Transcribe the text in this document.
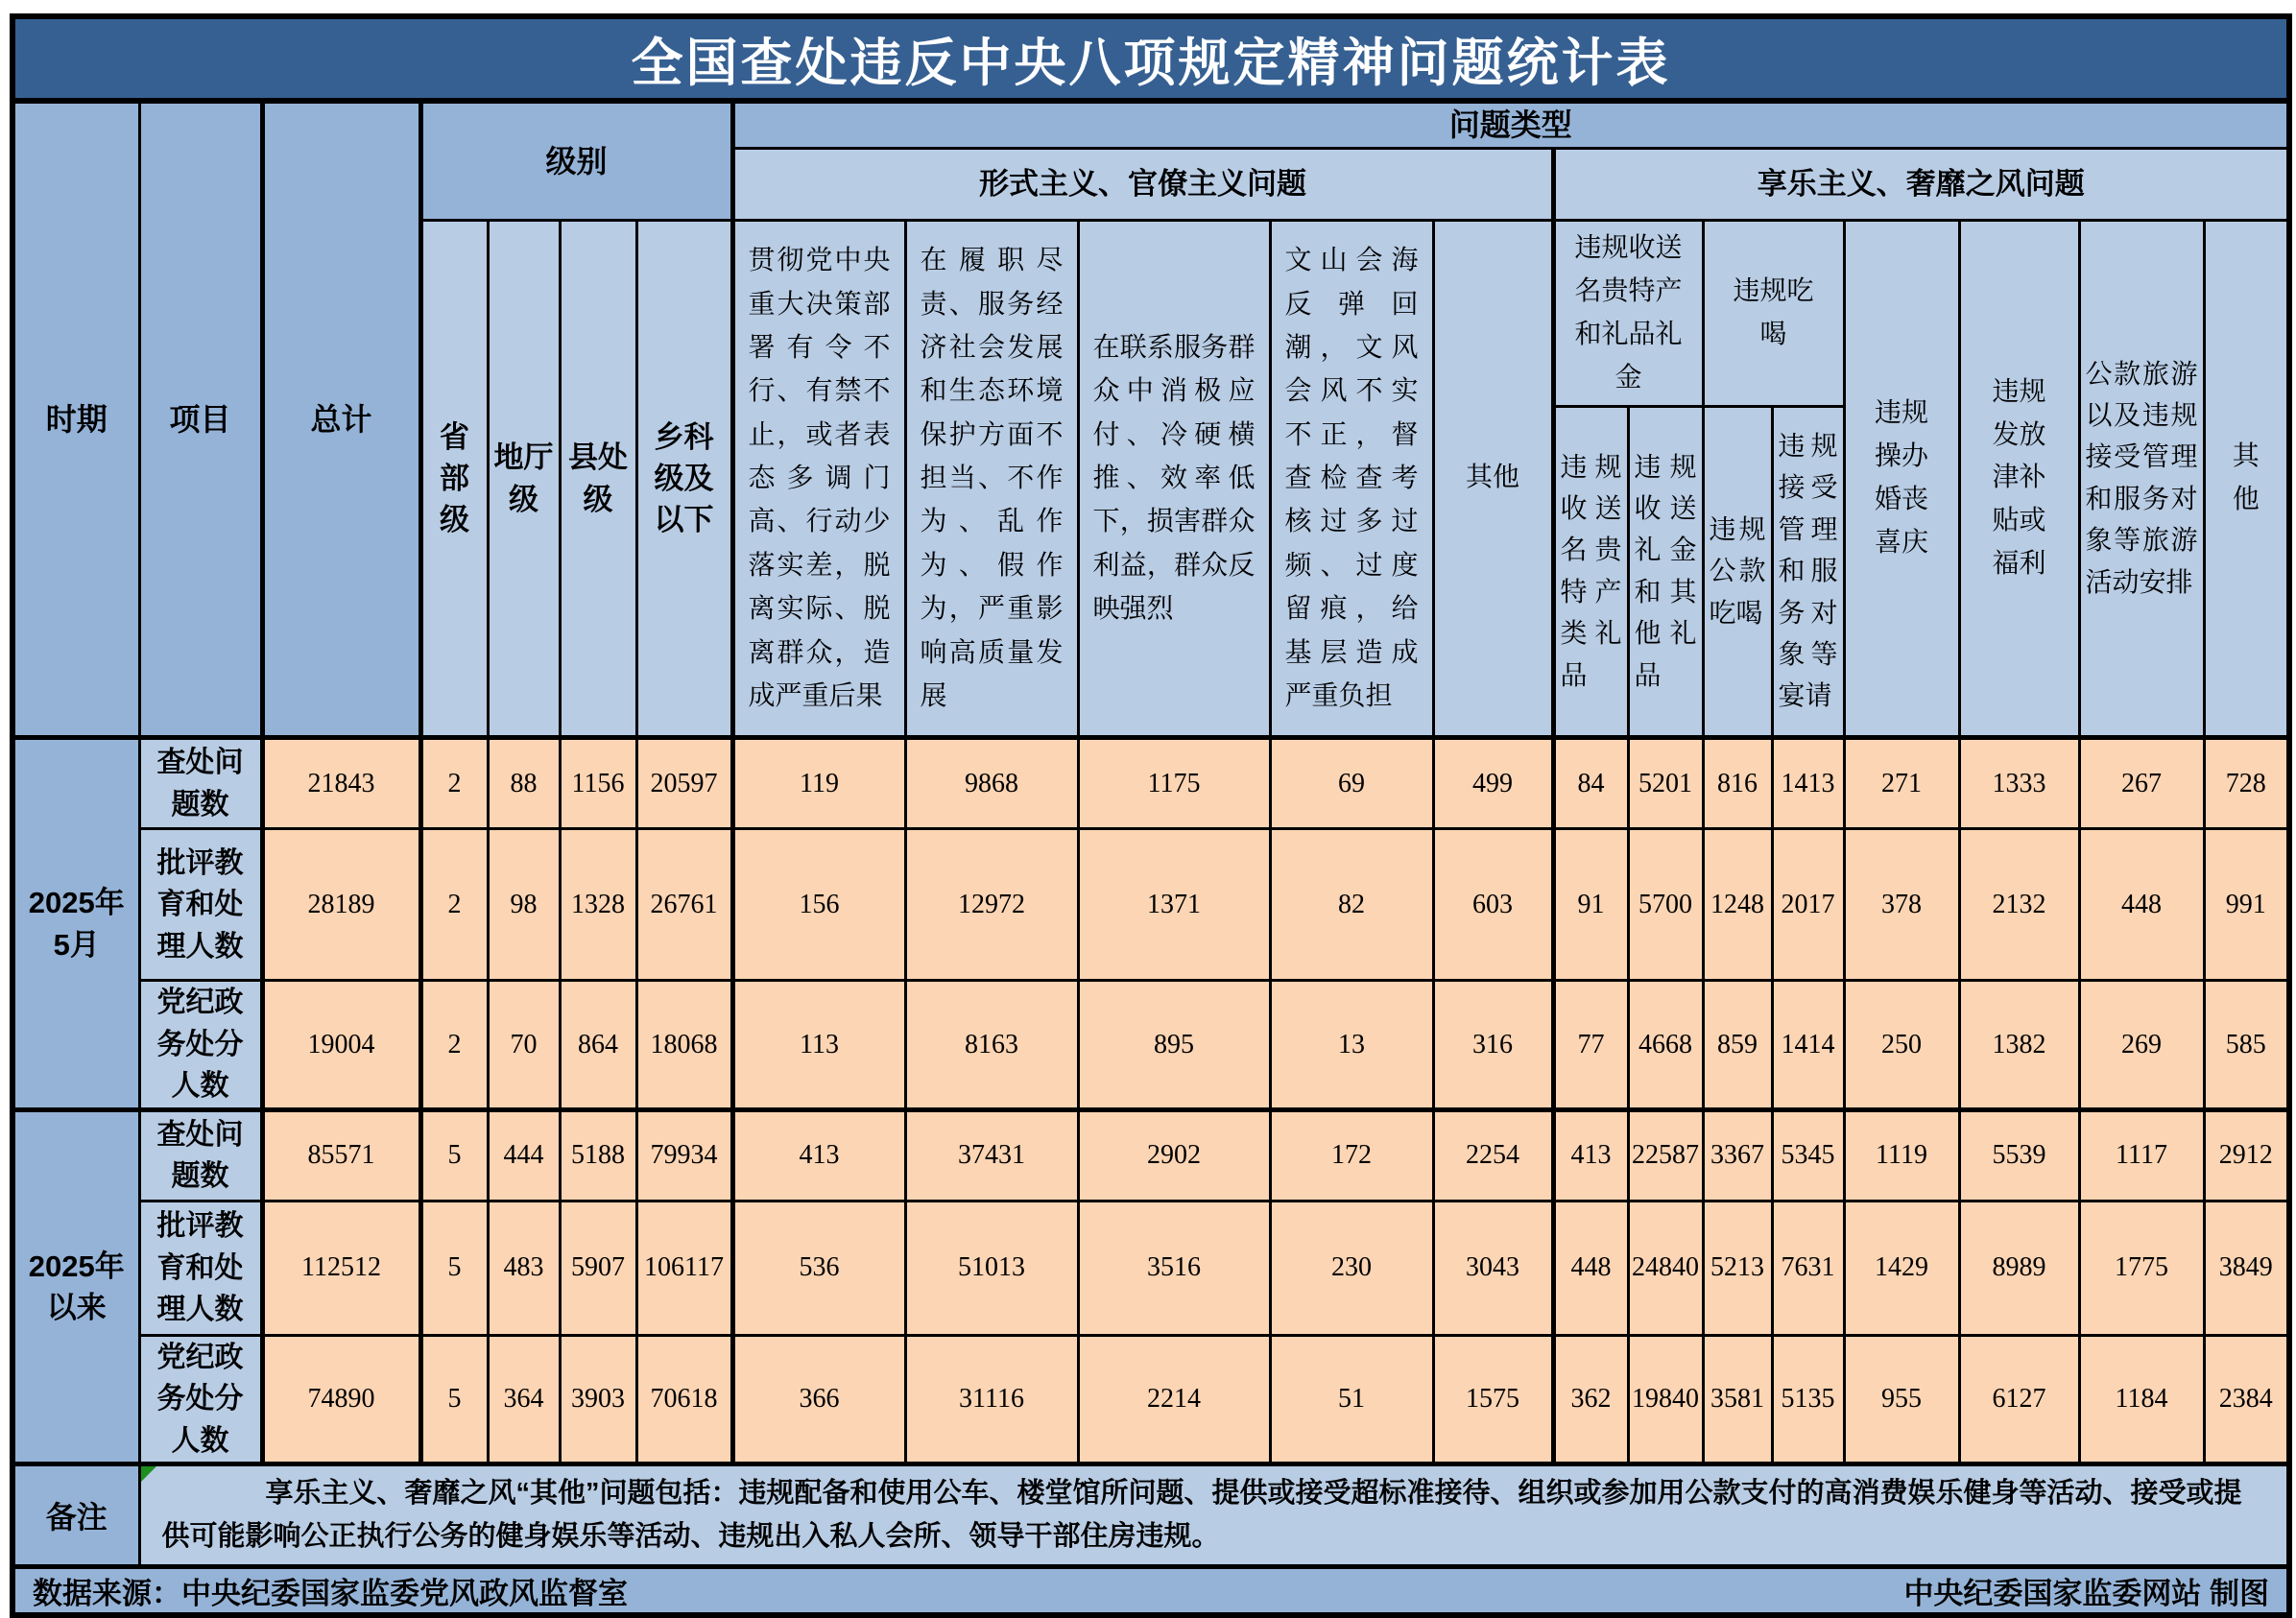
全国查处违反中央八项规定精神问题统计表																			
时期	项目	总计	级别				问题类型												
							形式主义、官僚主义问题					享乐主义、奢靡之风问题							
			省部级	地厅级	县处级	乡科级及以下	贯彻党中央重大决策部署有令不行、有禁不止，或者表态多调门高、行动少落实差，脱离实际、脱离群众，造成严重后果	在履职尽责、服务经济社会发展和生态环境保护方面不担当、不作为、乱作为、假作为，严重影响高质量发展	在联系服务群众中消极应付、冷硬横推、效率低下，损害群众利益，群众反映强烈	文山会海反弹回潮，文风会风不实不正，督查检查考核过多过频、过度留痕，给基层造成严重负担	其他	违规收送名贵特产和礼品礼金		违规吃喝		违规操办婚丧喜庆	违规发放津补贴或福利	公款旅游以及违规接受管理和服务对象等旅游活动安排	其他
												违规收送名贵特产类礼品	违规收送礼金和其他礼品	违规公款吃喝	违规接受管理和服务对象等宴请				
2025年5月	查处问题数	21843	2	88	1156	20597	119	9868	1175	69	499	84	5201	816	1413	271	1333	267	728
	批评教育和处理人数	28189	2	98	1328	26761	156	12972	1371	82	603	91	5700	1248	2017	378	2132	448	991
	党纪政务处分人数	19004	2	70	864	18068	113	8163	895	13	316	77	4668	859	1414	250	1382	269	585
2025年以来	查处问题数	85571	5	444	5188	79934	413	37431	2902	172	2254	413	22587	3367	5345	1119	5539	1117	2912
	批评教育和处理人数	112512	5	483	5907	106117	536	51013	3516	230	3043	448	24840	5213	7631	1429	8989	1775	3849
	党纪政务处分人数	74890	5	364	3903	70618	366	31116	2214	51	1575	362	19840	3581	5135	955	6127	1184	2384
备注	享乐主义、奢靡之风“其他”问题包括：违规配备和使用公车、楼堂馆所问题、提供或接受超标准接待、组织或参加用公款支付的高消费娱乐健身等活动、接受或提供可能影响公正执行公务的健身娱乐等活动、违规出入私人会所、领导干部住房违规。																		

数据来源：中央纪委国家监委党风政风监督室 中央纪委国家监委网站 制图																			
